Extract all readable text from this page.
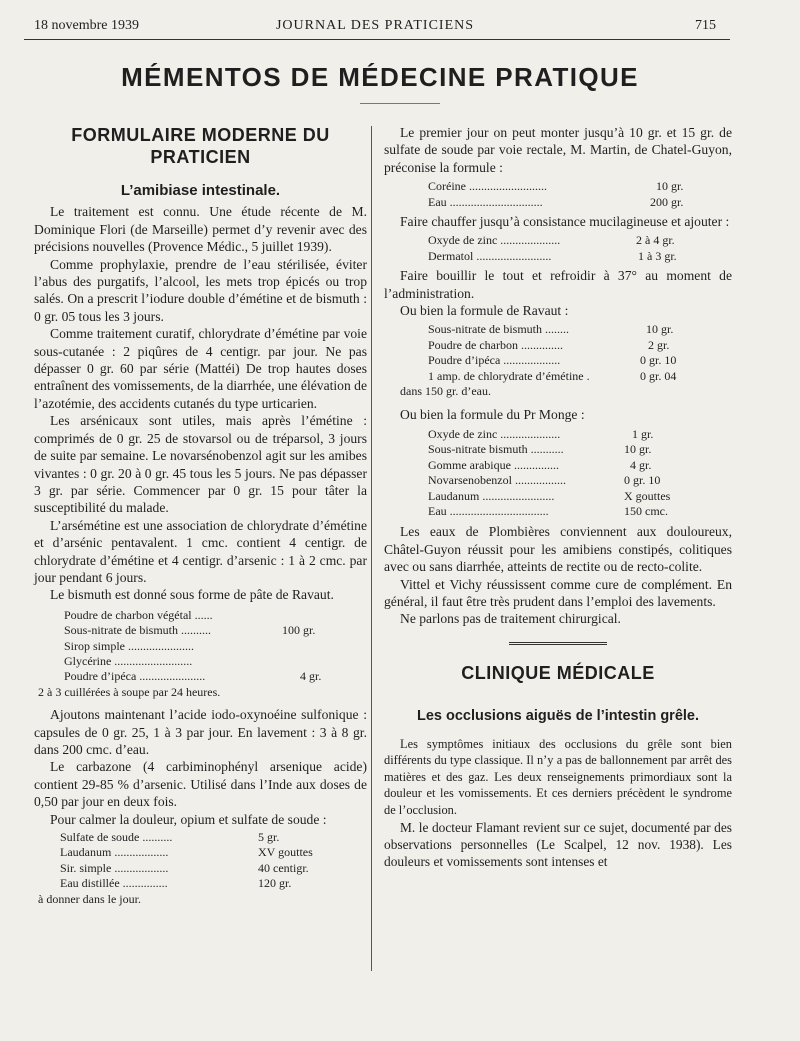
18 novembre 1939	JOURNAL DES PRATICIENS	715
MÉMENTOS DE MÉDECINE PRATIQUE
FORMULAIRE MODERNE DU PRATICIEN
L’amibiase intestinale.

Le traitement est connu. Une étude récente de M. Dominique Flori (de Marseille) permet d’y revenir avec des précisions nouvelles (Provence Médic., 5 juillet 1939).

Comme prophylaxie, prendre de l’eau stérilisée, éviter l’abus des purgatifs, l’alcool, les mets trop épicés ou trop salés. On a prescrit l’iodure double d’émétine et de bismuth : 0 gr. 05 tous les 3 jours.

Comme traitement curatif, chlorydrate d’émétine par voie sous-cutanée : 2 piqûres de 4 centigr. par jour. Ne pas dépasser 0 gr. 60 par série (Mattéi) De trop hautes doses entraînent des vomissements, de la diarrhée, une élévation de l’azotémie, des accidents cutanés du type urticarien.

Les arsénicaux sont utiles, mais après l’émétine : comprimés de 0 gr. 25 de stovarsol ou de tréparsol, 3 jours de suite par semaine. Le novarsénobenzol agit sur les amibes vivantes : 0 gr. 20 à 0 gr. 45 tous les 5 jours. Ne pas dépasser 3 gr. par série. Commencer par 0 gr. 15 pour tâter la susceptibilité du malade.

L’arsémétine est une association de chlorydrate d’émétine et d’arsénic pentavalent. 1 cmc. contient 4 centigr. de chlorydrate d’émétine et 4 centigr. d’arsenic : 1 à 2 cmc. par jour pendant 6 jours.

Le bismuth est donné sous forme de pâte de Ravaut.

Poudre de charbon végétal ......
Sous-nitrate de bismuth ..........	100 gr.
Sirop simple ......................
Glycérine ..........................
Poudre d’ipéca ......................	4 gr.
2 à 3 cuillérées à soupe par 24 heures.

Ajoutons maintenant l’acide iodo-oxynoéine sulfonique : capsules de 0 gr. 25, 1 à 3 par jour. En lavement : 3 à 8 gr. dans 200 cmc. d’eau.

Le carbazone (4 carbiminophényl arsenique acide) contient 29-85 % d’arsenic. Utilisé dans l’Inde aux doses de 0,50 par jour en deux fois.

Pour calmer la douleur, opium et sulfate de soude :

Sulfate de soude ..........	5 gr.
Laudanum ..................	XV gouttes
Sir. simple ..................	40 centigr.
Eau distillée ...............	120 gr.
à donner dans le jour.

Le premier jour on peut monter jusqu’à 10 gr. et 15 gr. de sulfate de soude par voie rectale, M. Martin, de Chatel-Guyon, préconise la formule :

Coréine ..........................	10 gr.
Eau ...............................	200 gr.

Faire chauffer jusqu’à consistance mucilagineuse et ajouter :

Oxyde de zinc ....................	2 à 4 gr.
Dermatol .........................	1 à 3 gr.

Faire bouillir le tout et refroidir à 37° au moment de l’administration.

Ou bien la formule de Ravaut :

Sous-nitrate de bismuth ........	10 gr.
Poudre de charbon ..............	2 gr.
Poudre d’ipéca ...................	0 gr. 10
1 amp. de chlorydrate d’émétine .	0 gr. 04
dans 150 gr. d’eau.

Ou bien la formule du Pr Monge :

Oxyde de zinc ....................	1 gr.
Sous-nitrate bismuth ...........	10 gr.
Gomme arabique ...............	4 gr.
Novarsenobenzol .................	0 gr. 10
Laudanum ........................	X gouttes
Eau .................................	150 cmc.

Les eaux de Plombières conviennent aux douloureux, Châtel-Guyon réussit pour les amibiens constipés, colitiques avec ou sans diarrhée, atteints de rectite ou de recto-colite.

Vittel et Vichy réussissent comme cure de complément. En général, il faut être très prudent dans l’emploi des lavements.

Ne parlons pas de traitement chirurgical.

CLINIQUE MÉDICALE
Les occlusions aiguës de l’intestin grêle.

Les symptômes initiaux des occlusions du grêle sont bien différents du type classique. Il n’y a pas de ballonnement par arrêt des matières et des gaz. Les deux renseignements primordiaux sont la douleur et les vomissements. Et ces derniers précèdent le syndrome de l’occlusion.

M. le docteur Flamant revient sur ce sujet, documenté par des observations personnelles (Le Scalpel, 12 nov. 1938). Les douleurs et vomissements sont intenses et
